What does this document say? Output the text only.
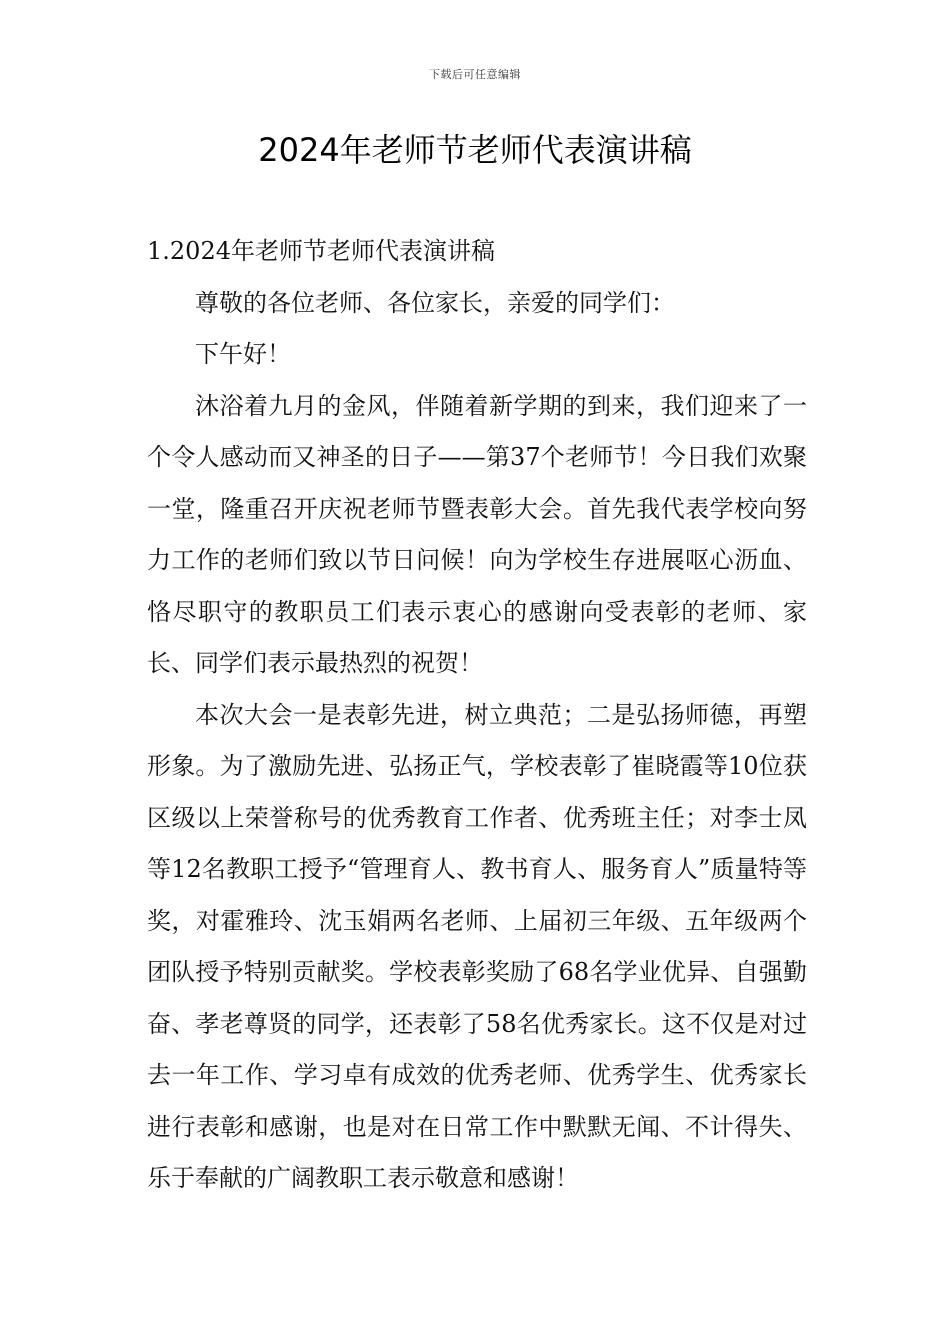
下载后可任意编辑
2024年老师节老师代表演讲稿

1.2024年老师节老师代表演讲稿

尊敬的各位老师、各位家长，亲爱的同学们：

下午好！

沐浴着九月的金风，伴随着新学期的到来，我们迎来了一个令人感动而又神圣的日子——第37个老师节！今日我们欢聚一堂，隆重召开庆祝老师节暨表彰大会。首先我代表学校向努力工作的老师们致以节日问候！向为学校生存进展呕心沥血、恪尽职守的教职员工们表示衷心的感谢向受表彰的老师、家长、同学们表示最热烈的祝贺！

本次大会一是表彰先进，树立典范；二是弘扬师德，再塑形象。为了激励先进、弘扬正气，学校表彰了崔晓霞等10位获区级以上荣誉称号的优秀教育工作者、优秀班主任；对李士凤等12名教职工授予“管理育人、教书育人、服务育人”质量特等奖，对霍雅玲、沈玉娟两名老师、上届初三年级、五年级两个团队授予特别贡献奖。学校表彰奖励了68名学业优异、自强勤奋、孝老尊贤的同学，还表彰了58名优秀家长。这不仅是对过去一年工作、学习卓有成效的优秀老师、优秀学生、优秀家长进行表彰和感谢，也是对在日常工作中默默无闻、不计得失、乐于奉献的广阔教职工表示敬意和感谢！
